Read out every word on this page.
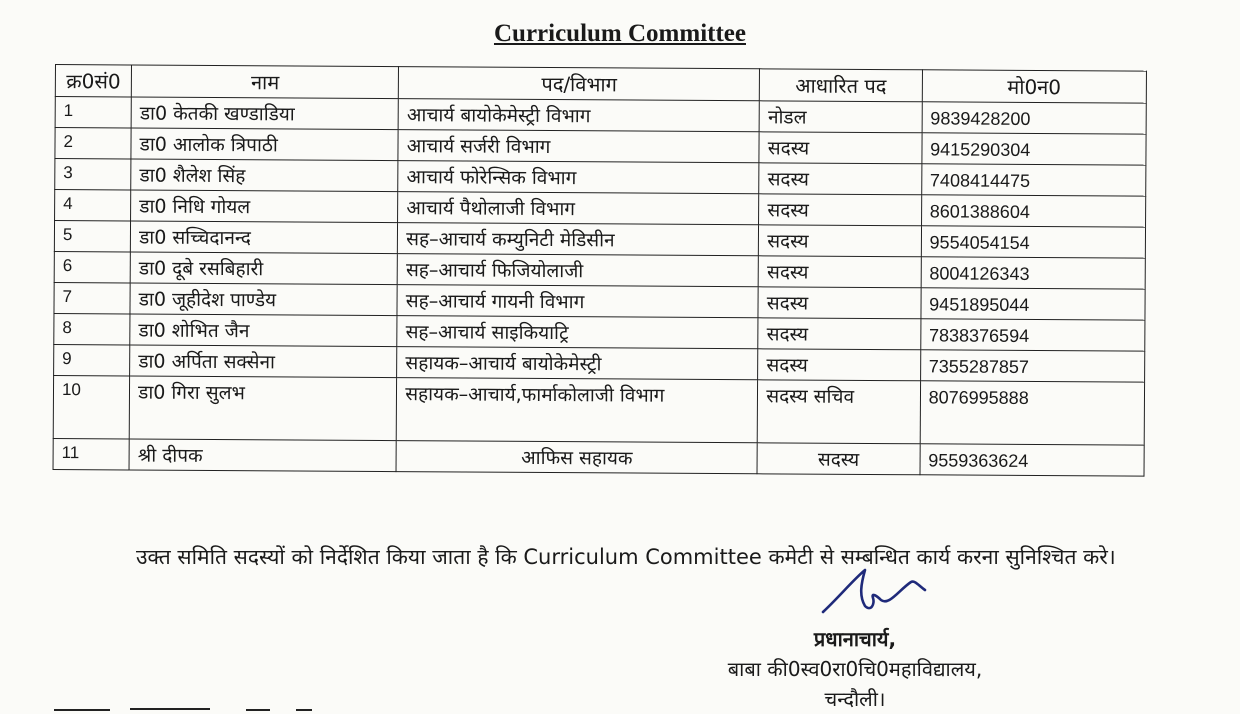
Curriculum Committee
क्र0सं0	नाम	पद/विभाग	आधारित पद	मो0न0
1	डा0 केतकी खण्डाडिया	आचार्य बायोकेमेस्ट्री विभाग	नोडल	9839428200
2	डा0 आलोक त्रिपाठी	आचार्य सर्जरी विभाग	सदस्य	9415290304
3	डा0 शैलेश सिंह	आचार्य फोरेन्सिक विभाग	सदस्य	7408414475
4	डा0 निधि गोयल	आचार्य पैथोलाजी विभाग	सदस्य	8601388604
5	डा0 सच्चिदानन्द	सह–आचार्य कम्युनिटी मेडिसीन	सदस्य	9554054154
6	डा0 दूबे रसबिहारी	सह–आचार्य फिजियोलाजी	सदस्य	8004126343
7	डा0 जूहीदेश पाण्डेय	सह–आचार्य गायनी विभाग	सदस्य	9451895044
8	डा0 शोभित जैन	सह–आचार्य साइकियाट्रि	सदस्य	7838376594
9	डा0 अर्पिता सक्सेना	सहायक–आचार्य बायोकेमेस्ट्री	सदस्य	7355287857
10	डा0 गिरा सुलभ	सहायक–आचार्य,फार्माकोलाजी विभाग	सदस्य सचिव	8076995888
11	श्री दीपक	आफिस सहायक	सदस्य	9559363624

उक्त समिति सदस्यों को निर्देशित किया जाता है कि Curriculum Committee कमेटी से सम्बन्धित कार्य करना सुनिश्चित करे।

प्रधानाचार्य,
बाबा की0स्व0रा0चि0महाविद्यालय,
चन्दौली।
